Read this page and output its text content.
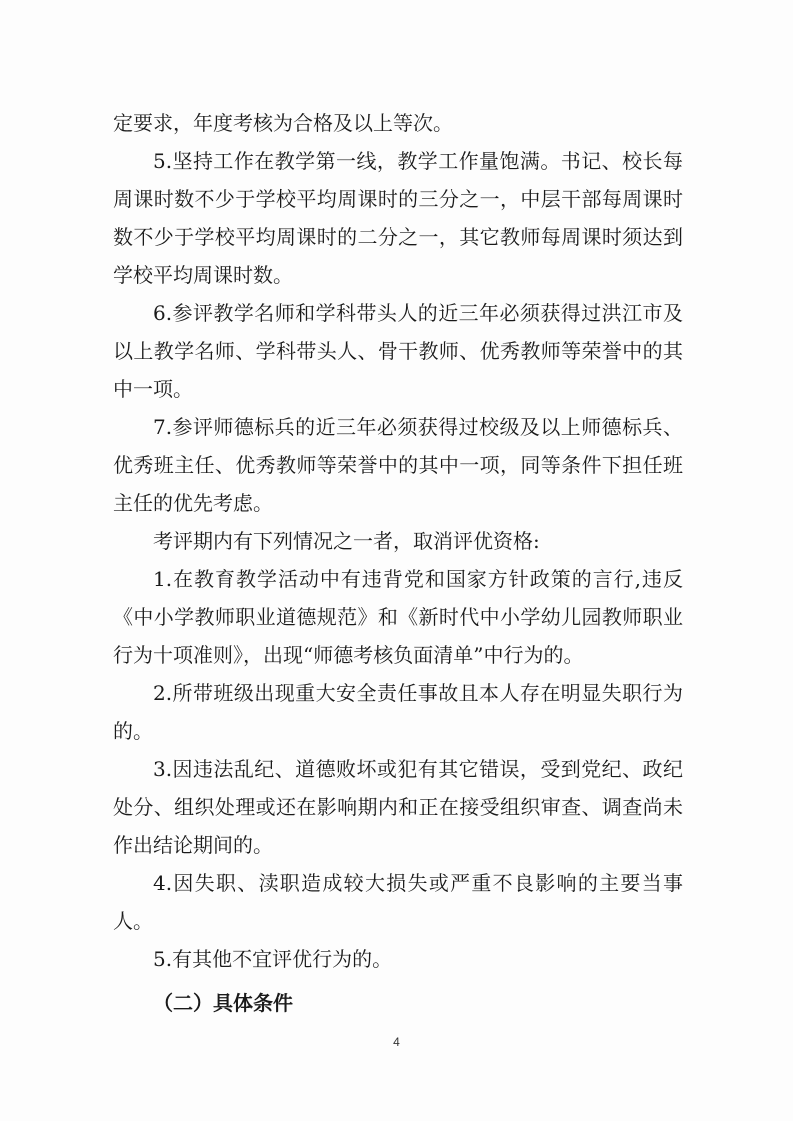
定要求，年度考核为合格及以上等次。

5.坚持工作在教学第一线，教学工作量饱满。书记、校长每周课时数不少于学校平均周课时的三分之一，中层干部每周课时数不少于学校平均周课时的二分之一，其它教师每周课时须达到学校平均周课时数。

6.参评教学名师和学科带头人的近三年必须获得过洪江市及以上教学名师、学科带头人、骨干教师、优秀教师等荣誉中的其中一项。

7.参评师德标兵的近三年必须获得过校级及以上师德标兵、优秀班主任、优秀教师等荣誉中的其中一项，同等条件下担任班主任的优先考虑。

考评期内有下列情况之一者，取消评优资格:

1.在教育教学活动中有违背党和国家方针政策的言行,违反《中小学教师职业道德规范》和《新时代中小学幼儿园教师职业行为十项准则》，出现“师德考核负面清单”中行为的。

2.所带班级出现重大安全责任事故且本人存在明显失职行为的。

3.因违法乱纪、道德败坏或犯有其它错误，受到党纪、政纪处分、组织处理或还在影响期内和正在接受组织审查、调查尚未作出结论期间的。

4.因失职、渎职造成较大损失或严重不良影响的主要当事人。

5.有其他不宜评优行为的。

（二）具体条件

4
